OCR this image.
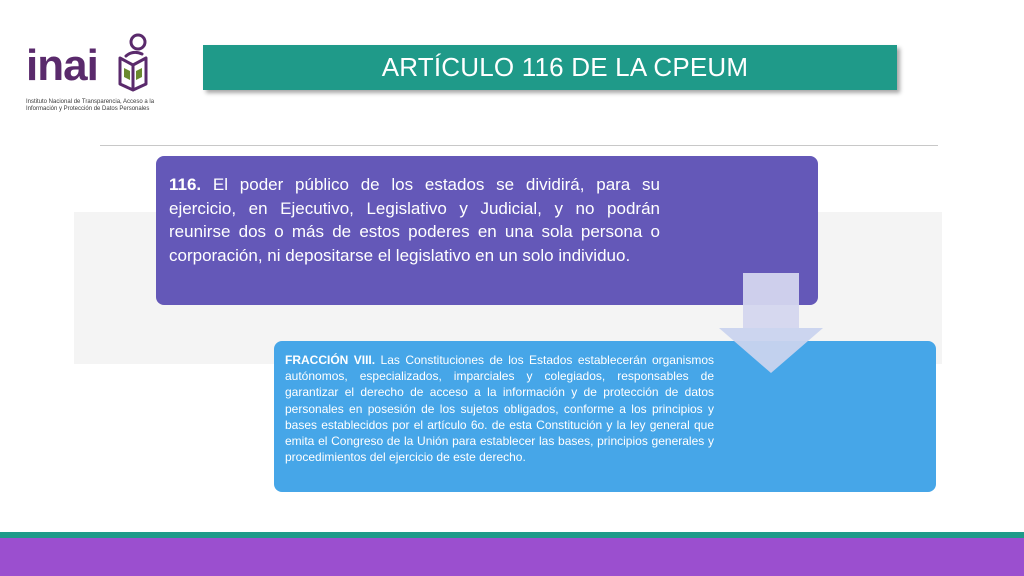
inai
Instituto Nacional de Transparencia, Acceso a la Información y Protección de Datos Personales
ARTÍCULO 116 DE LA CPEUM
116. El poder público de los estados se dividirá, para su ejercicio, en Ejecutivo, Legislativo y Judicial, y no podrán reunirse dos o más de estos poderes en una sola persona o corporación, ni depositarse el legislativo en un solo individuo.
FRACCIÓN VIII. Las Constituciones de los Estados establecerán organismos autónomos, especializados, imparciales y colegiados, responsables de garantizar el derecho de acceso a la información y de protección de datos personales en posesión de los sujetos obligados, conforme a los principios y bases establecidos por el artículo 6o. de esta Constitución y la ley general que emita el Congreso de la Unión para establecer las bases, principios generales y procedimientos del ejercicio de este derecho.
